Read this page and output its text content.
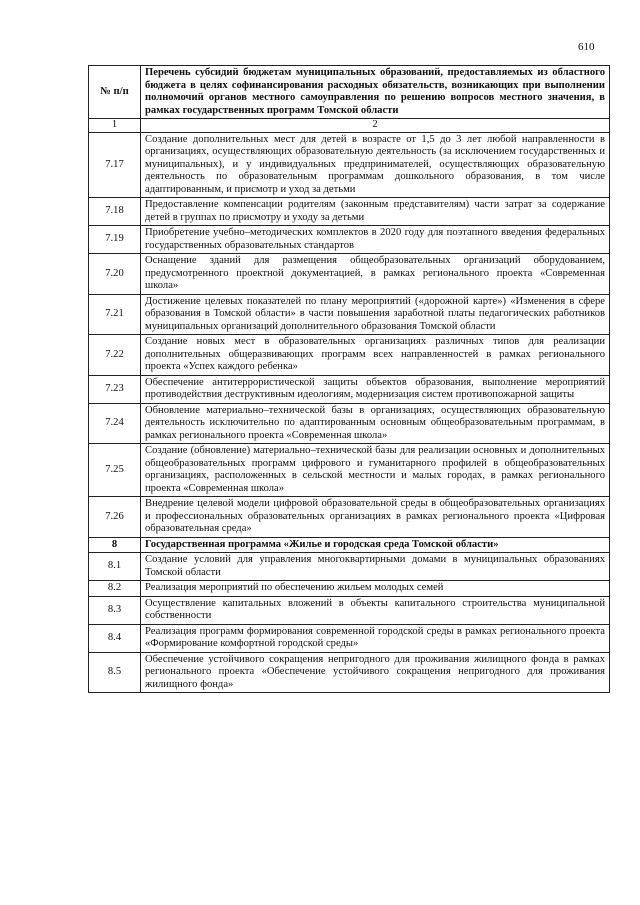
610
№ п/п	Перечень субсидий бюджетам муниципальных образований, предоставляемых из областного бюджета в целях софинансирования расходных обязательств, возникающих при выполнении полномочий органов местного самоуправления по решению вопросов местного значения, в рамках государственных программ Томской области
1	2
7.17	Создание дополнительных мест для детей в возрасте от 1,5 до 3 лет любой направленности в организациях, осуществляющих образовательную деятельность (за исключением государственных и муниципальных), и у индивидуальных предпринимателей, осуществляющих образовательную деятельность по образовательным программам дошкольного образования, в том числе адаптированным, и присмотр и уход за детьми
7.18	Предоставление компенсации родителям (законным представителям) части затрат за содержание детей в группах по присмотру и уходу за детьми
7.19	Приобретение учебно–методических комплектов в 2020 году для поэтапного введения федеральных государственных образовательных стандартов
7.20	Оснащение зданий для размещения общеобразовательных организаций оборудованием, предусмотренного проектной документацией, в рамках регионального проекта «Современная школа»
7.21	Достижение целевых показателей по плану мероприятий («дорожной карте») «Изменения в сфере образования в Томской области» в части повышения заработной платы педагогических работников муниципальных организаций дополнительного образования Томской области
7.22	Создание новых мест в образовательных организациях различных типов для реализации дополнительных общеразвивающих программ всех направленностей в рамках регионального проекта «Успех каждого ребенка»
7.23	Обеспечение антитеррористической защиты объектов образования, выполнение мероприятий противодействия деструктивным идеологиям, модернизация систем противопожарной защиты
7.24	Обновление материально–технической базы в организациях, осуществляющих образовательную деятельность исключительно по адаптированным основным общеобразовательным программам, в рамках регионального проекта «Современная школа»
7.25	Создание (обновление) материально–технической базы для реализации основных и дополнительных общеобразовательных программ цифрового и гуманитарного профилей в общеобразовательных организациях, расположенных в сельской местности и малых городах, в рамках регионального проекта «Современная школа»
7.26	Внедрение целевой модели цифровой образовательной среды в общеобразовательных организациях и профессиональных образовательных организациях в рамках регионального проекта «Цифровая образовательная среда»
8	Государственная программа «Жилье и городская среда Томской области»
8.1	Создание условий для управления многоквартирными домами в муниципальных образованиях Томской области
8.2	Реализация мероприятий по обеспечению жильем молодых семей
8.3	Осуществление капитальных вложений в объекты капитального строительства муниципальной собственности
8.4	Реализация программ формирования современной городской среды в рамках регионального проекта «Формирование комфортной городской среды»
8.5	Обеспечение устойчивого сокращения непригодного для проживания жилищного фонда в рамках регионального проекта «Обеспечение устойчивого сокращения непригодного для проживания жилищного фонда»
